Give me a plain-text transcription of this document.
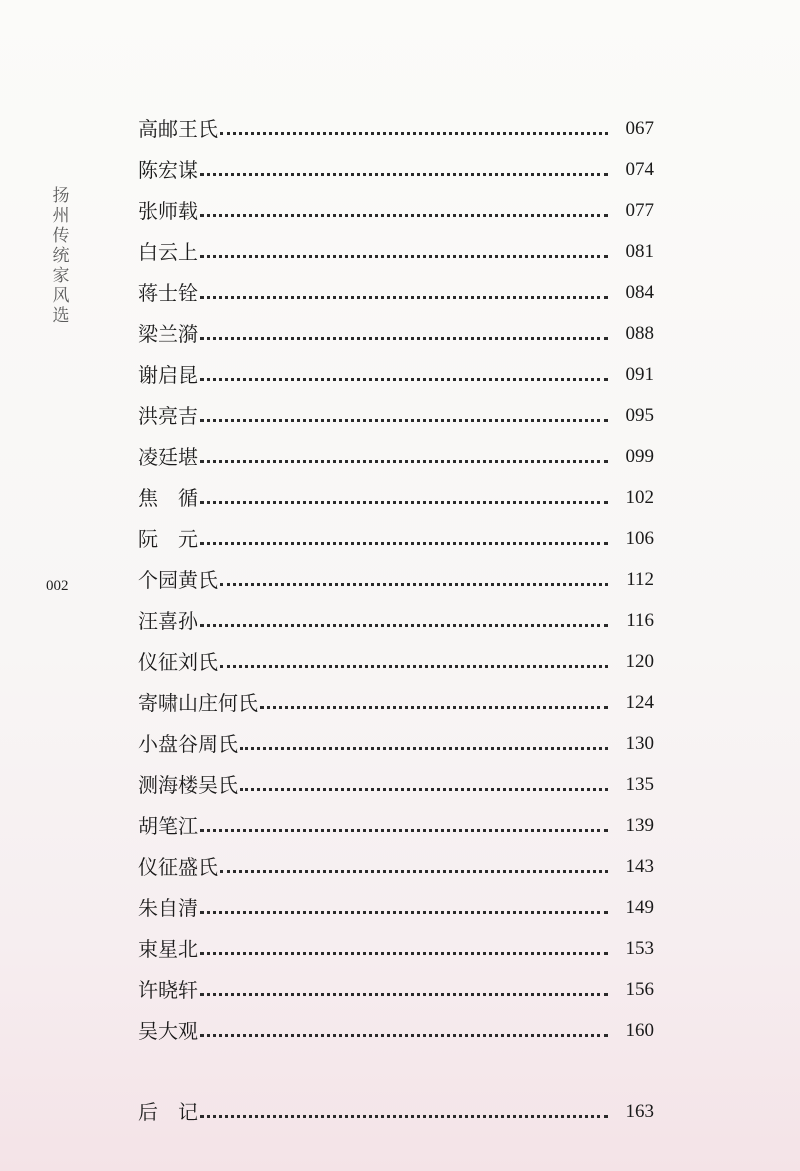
扬州传统家风选
002
高邮王氏	067
陈宏谋	074
张师载	077
白云上	081
蒋士铨	084
梁兰漪	088
谢启昆	091
洪亮吉	095
凌廷堪	099
焦　循	102
阮　元	106
个园黄氏	112
汪喜孙	116
仪征刘氏	120
寄啸山庄何氏	124
小盘谷周氏	130
测海楼吴氏	135
胡笔江	139
仪征盛氏	143
朱自清	149
束星北	153
许晓轩	156
吴大观	160
后　记	163
